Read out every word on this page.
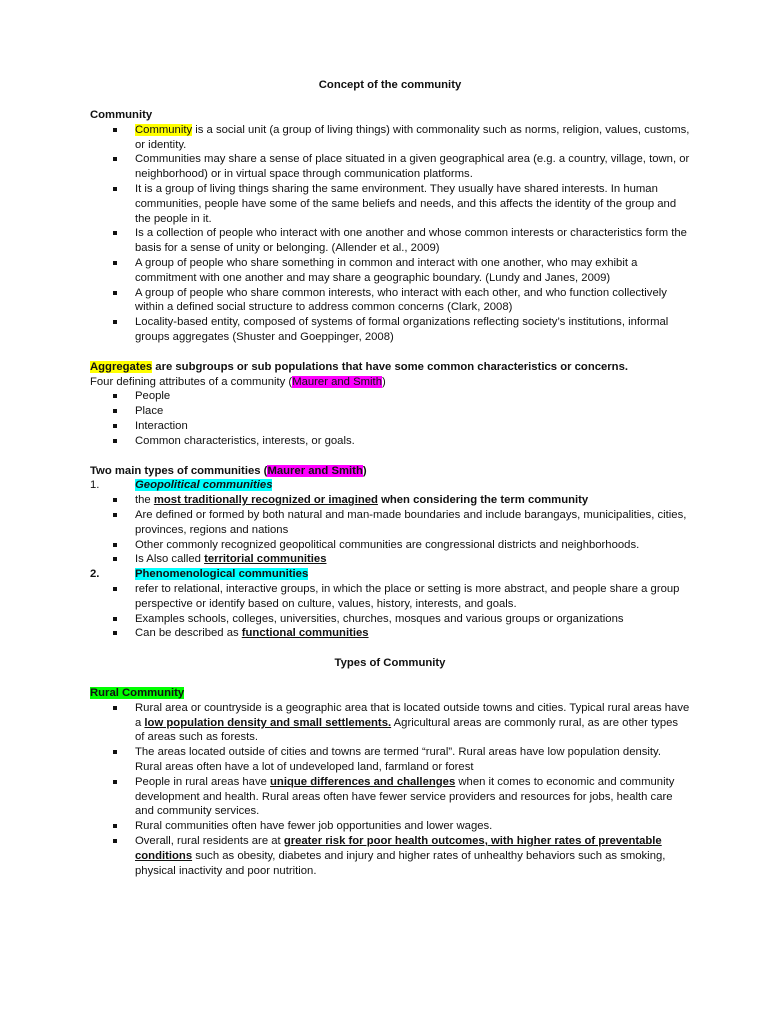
Concept of the community

Community

Community is a social unit (a group of living things) with commonality such as norms, religion, values, customs, or identity.
Communities may share a sense of place situated in a given geographical area (e.g. a country, village, town, or neighborhood) or in virtual space through communication platforms.
It is a group of living things sharing the same environment. They usually have shared interests. In human communities, people have some of the same beliefs and needs, and this affects the identity of the group and the people in it.
Is a collection of people who interact with one another and whose common interests or characteristics form the basis for a sense of unity or belonging. (Allender et al., 2009)
A group of people who share something in common and interact with one another, who may exhibit a commitment with one another and may share a geographic boundary. (Lundy and Janes, 2009)
A group of people who share common interests, who interact with each other, and who function collectively within a defined social structure to address common concerns (Clark, 2008)
Locality-based entity, composed of systems of formal organizations reflecting society’s institutions, informal groups aggregates (Shuster and Goeppinger, 2008)

Aggregates are subgroups or sub populations that have some common characteristics or concerns.

Four defining attributes of a community (Maurer and Smith)

People
Place
Interaction
Common characteristics, interests, or goals.

Two main types of communities (Maurer and Smith)

1.	Geopolitical communities

the most traditionally recognized or imagined when considering the term community
Are defined or formed by both natural and man-made boundaries and include barangays, municipalities, cities, provinces, regions and nations
Other commonly recognized geopolitical communities are congressional districts and neighborhoods.
Is Also called territorial communities

2.	Phenomenological communities

refer to relational, interactive groups, in which the place or setting is more abstract, and people share a group perspective or identify based on culture, values, history, interests, and goals.
Examples schools, colleges, universities, churches, mosques and various groups or organizations
Can be described as functional communities

Types of Community

Rural Community

Rural area or countryside is a geographic area that is located outside towns and cities. Typical rural areas have a low population density and small settlements. Agricultural areas are commonly rural, as are other types of areas such as forests.
The areas located outside of cities and towns are termed “rural”. Rural areas have low population density. Rural areas often have a lot of undeveloped land, farmland or forest
People in rural areas have unique differences and challenges when it comes to economic and community development and health. Rural areas often have fewer service providers and resources for jobs, health care and community services.
Rural communities often have fewer job opportunities and lower wages.
Overall, rural residents are at greater risk for poor health outcomes, with higher rates of preventable conditions such as obesity, diabetes and injury and higher rates of unhealthy behaviors such as smoking, physical inactivity and poor nutrition.
